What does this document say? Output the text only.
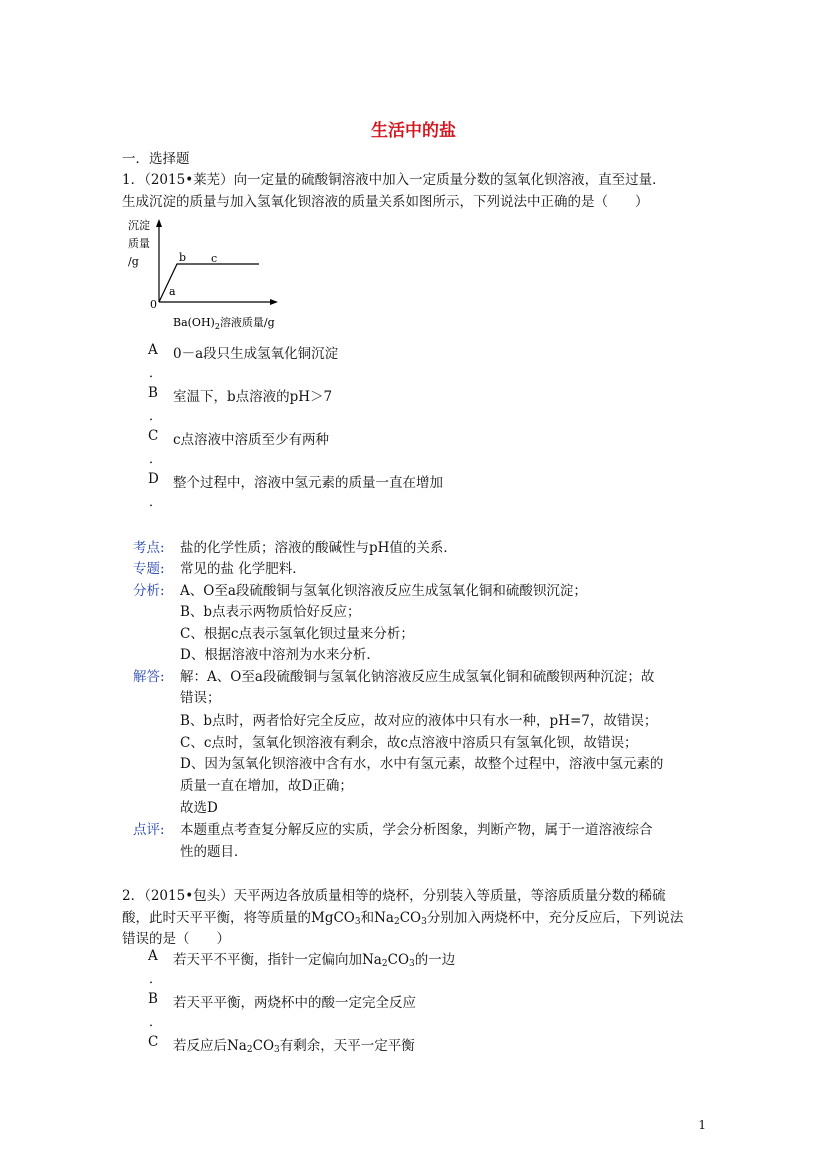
生活中的盐
一．选择题
1．（2015•莱芜）向一定量的硫酸铜溶液中加入一定质量分数的氢氧化钡溶液，直至过量．
生成沉淀的质量与加入氢氧化钡溶液的质量关系如图所示，下列说法中正确的是（　　）
沉淀
质量
/g
0
a
b c
$Ba(OH)_2$溶液质量/g
A 0－a段只生成氢氧化铜沉淀
．
B 室温下，b点溶液的pH＞7
．
C c点溶液中溶质至少有两种
．
D 整个过程中，溶液中氢元素的质量一直在增加
．
考点: 盐的化学性质；溶液的酸碱性与pH值的关系．
专题: 常见的盐 化学肥料．
分析: A、O至a段硫酸铜与氢氧化钡溶液反应生成氢氧化铜和硫酸钡沉淀；
B、b点表示两物质恰好反应；
C、根据c点表示氢氧化钡过量来分析；
D、根据溶液中溶剂为水来分析．
解答: 解：A、O至a段硫酸铜与氢氧化钠溶液反应生成氢氧化铜和硫酸钡两种沉淀；故
错误；
B、b点时，两者恰好完全反应，故对应的液体中只有水一种，pH=7，故错误；
C、c点时，氢氧化钡溶液有剩余，故c点溶液中溶质只有氢氧化钡，故错误；
D、因为氢氧化钡溶液中含有水，水中有氢元素，故整个过程中，溶液中氢元素的
质量一直在增加，故D正确；
故选D
点评: 本题重点考查复分解反应的实质，学会分析图象，判断产物，属于一道溶液综合
性的题目．
2．（2015•包头）天平两边各放质量相等的烧杯，分别装入等质量，等溶质质量分数的稀硫
酸，此时天平平衡，将等质量的MgCO$_3$和$Na_2CO_3$分别加入两烧杯中，充分反应后，下列说法
错误的是（　　）
A 若天平不平衡，指针一定偏向加$Na_2CO_3$的一边
．
B 若天平平衡，两烧杯中的酸一定完全反应
．
C 若反应后$Na_2CO_3$有剩余，天平一定平衡
1
